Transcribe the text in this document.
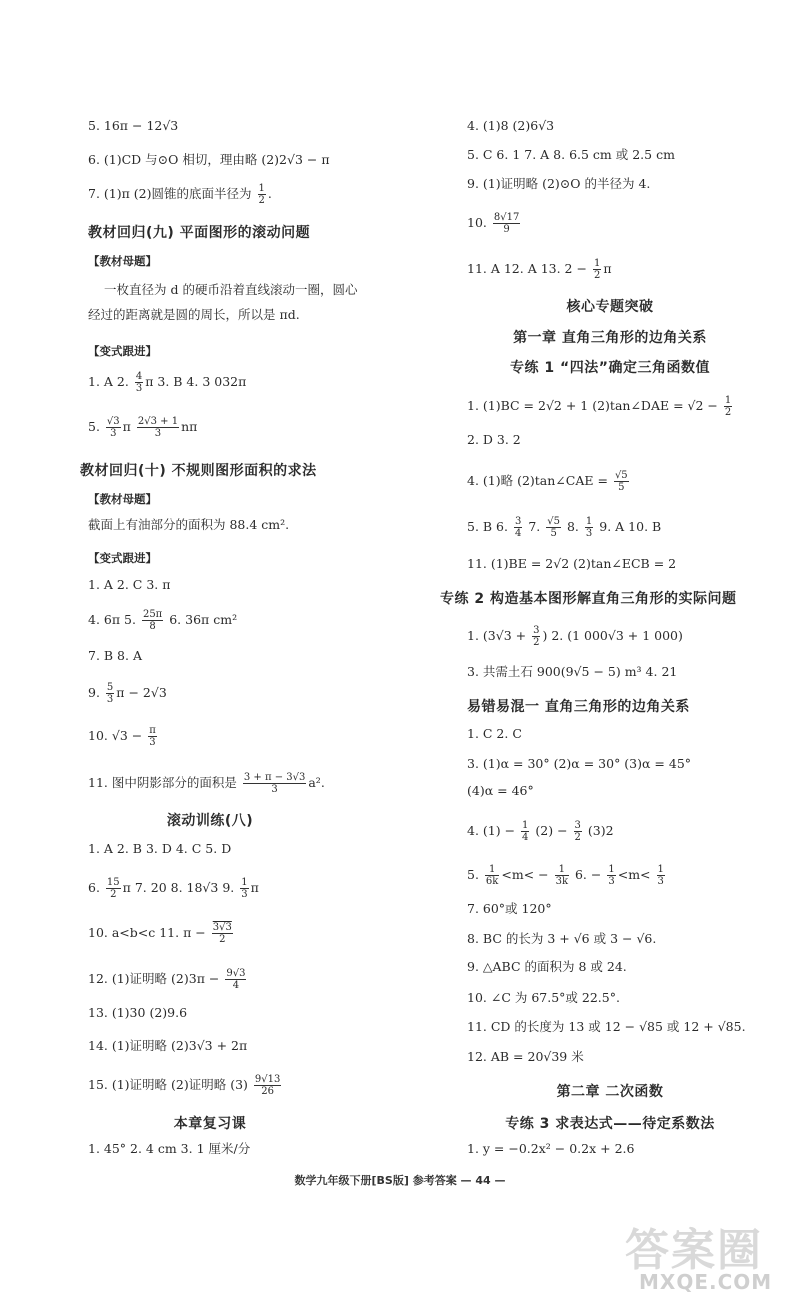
5. 16π − 12√3
6. (1)CD 与⊙O 相切，理由略 (2)2√3 − π
7. (1)π (2)圆锥的底面半径为 $\frac{1}{2}$ .
教材回归(九) 平面图形的滚动问题
【教材母题】
一枚直径为 d 的硬币沿着直线滚动一圈，圆心
经过的距离就是圆的周长，所以是 πd.
【变式跟进】
1. A 2. $\frac{4}{3}$ π 3. B 4. 3 032π
5. $\frac{√3}{3}$ π $\frac{2√3 + 1}{3}$ nπ
教材回归(十) 不规则图形面积的求法
【教材母题】
截面上有油部分的面积为 88.4 cm².
【变式跟进】
1. A 2. C 3. π
4. 6π 5. $\frac{25\pi}{8} 6$. 36π cm²
7. B 8. A
9. $\frac{5}{3}$ π − 2√3
10. $√3 - \frac{\pi}{3}$
11. 图中阴影部分的面积是 $\frac{3 + \pi - 3√3}{3} a^2$.
滚动训练(八)
1. A 2. B 3. D 4. C 5. D
6. $\frac{15}{2}$ π 7. 20 8. 18√3 9. $\frac{1}{3}$ π
10. a<b<c 11. $\pi - \frac{3√3}{2}$
12. (1)证明略 $(2)3\pi - \frac{9√3}{4}$
13. (1)30 (2)9.6
14. (1)证明略 (2)3√3 + 2π
15. (1)证明略 (2)证明略 $(3) \frac{9√13}{26}$
本章复习课
1. 45° 2. 4 cm 3. 1 厘米/分
4. (1)8 (2)6√3
5. C 6. 1 7. A 8. 6.5 cm 或 2.5 cm
9. (1)证明略 (2)⊙O 的半径为 4.
10. $\frac{8√17}{9}$
11. A 12. A 13. $2 - \frac{1}{2}$ π
核心专题突破
第一章 直角三角形的边角关系
专练 1 “四法”确定三角函数值
1. (1)BC = 2√2 + 1 (2)tan∠DAE = $√2 - \frac{1}{2}$
2. D 3. 2
4. (1)略 (2)tan∠CAE = $\frac{√5}{5}$
5. B 6. $\frac{3}{4} 7$. $\frac{√5}{5} 8$. $\frac{1}{3} 9$. A 10. B
11. (1)BE = 2√2 (2)tan∠ECB = 2
专练 2 构造基本图形解直角三角形的实际问题
1. ($3√3 + \frac{3}{2}$ ) 2. (1 000√3 + 1 000)
3. 共需土石 900(9√5 − 5) m³ 4. 21
易错易混一 直角三角形的边角关系
1. C 2. C
3. (1)α = 30° (2)α = 30° (3)α = 45°
(4)α = 46°
4. $(1) - \frac{1}{4} (2) - \frac{3}{2} (3)2$
5. $\frac{1}{6k} <m< - \frac{1}{3k} 6$. − $\frac{1}{3} <m< \frac{1}{3}$
7. 60°或 120°
8. BC 的长为 3 + √6 或 3 − √6.
9. △ABC 的面积为 8 或 24.
10. ∠C 为 67.5°或 22.5°.
11. CD 的长度为 13 或 12 − √85 或 12 + √85.
12. AB = 20√39 米
第二章 二次函数
专练 3 求表达式——待定系数法
1. y = −0.2x² − 0.2x + 2.6
数学九年级下册[BS版] 参考答案 — 44 —
答案圈
MXQE.COM
